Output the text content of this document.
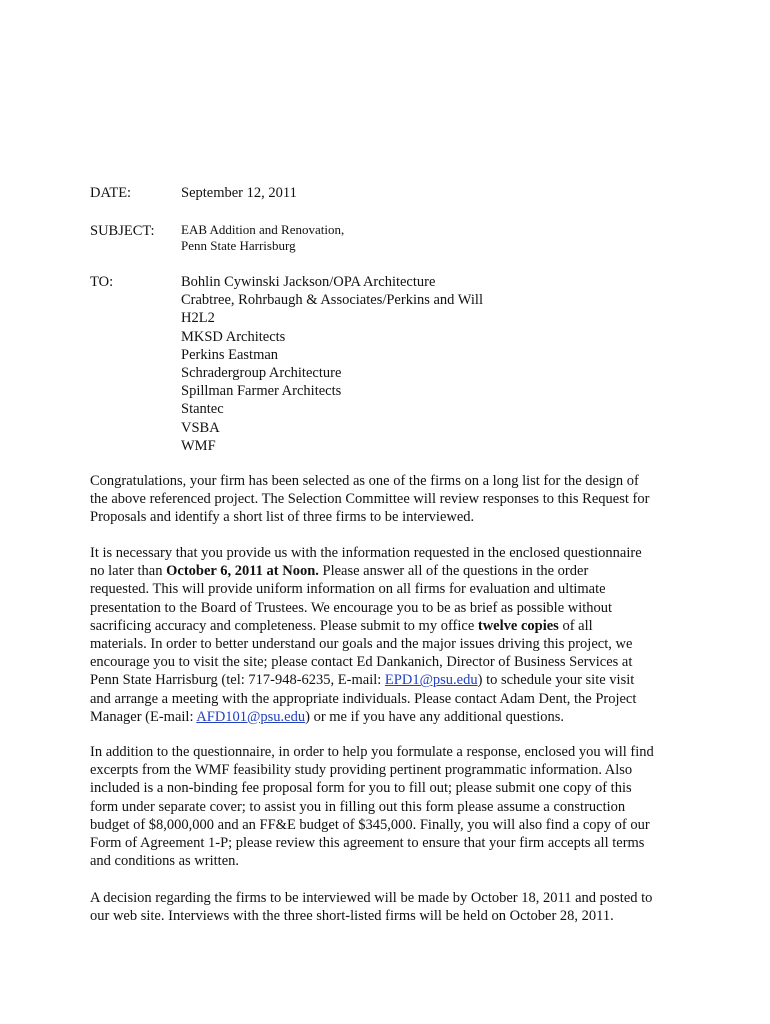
DATE:	September 12, 2011
SUBJECT: EAB Addition and Renovation,
Penn State Harrisburg
TO:	Bohlin Cywinski Jackson/OPA Architecture
Crabtree, Rohrbaugh & Associates/Perkins and Will
H2L2
MKSD Architects
Perkins Eastman
Schradergroup Architecture
Spillman Farmer Architects
Stantec
VSBA
WMF

Congratulations, your firm has been selected as one of the firms on a long list for the design of
the above referenced project. The Selection Committee will review responses to this Request for
Proposals and identify a short list of three firms to be interviewed.

It is necessary that you provide us with the information requested in the enclosed questionnaire
no later than October 6, 2011 at Noon. Please answer all of the questions in the order
requested. This will provide uniform information on all firms for evaluation and ultimate
presentation to the Board of Trustees. We encourage you to be as brief as possible without
sacrificing accuracy and completeness. Please submit to my office twelve copies of all
materials. In order to better understand our goals and the major issues driving this project, we
encourage you to visit the site; please contact Ed Dankanich, Director of Business Services at
Penn State Harrisburg (tel: 717-948-6235, E-mail: EPD1@psu.edu) to schedule your site visit
and arrange a meeting with the appropriate individuals. Please contact Adam Dent, the Project
Manager (E-mail: AFD101@psu.edu) or me if you have any additional questions.

In addition to the questionnaire, in order to help you formulate a response, enclosed you will find
excerpts from the WMF feasibility study providing pertinent programmatic information. Also
included is a non-binding fee proposal form for you to fill out; please submit one copy of this
form under separate cover; to assist you in filling out this form please assume a construction
budget of $8,000,000 and an FF&E budget of $345,000. Finally, you will also find a copy of our
Form of Agreement 1-P; please review this agreement to ensure that your firm accepts all terms
and conditions as written.

A decision regarding the firms to be interviewed will be made by October 18, 2011 and posted to
our web site. Interviews with the three short-listed firms will be held on October 28, 2011.
